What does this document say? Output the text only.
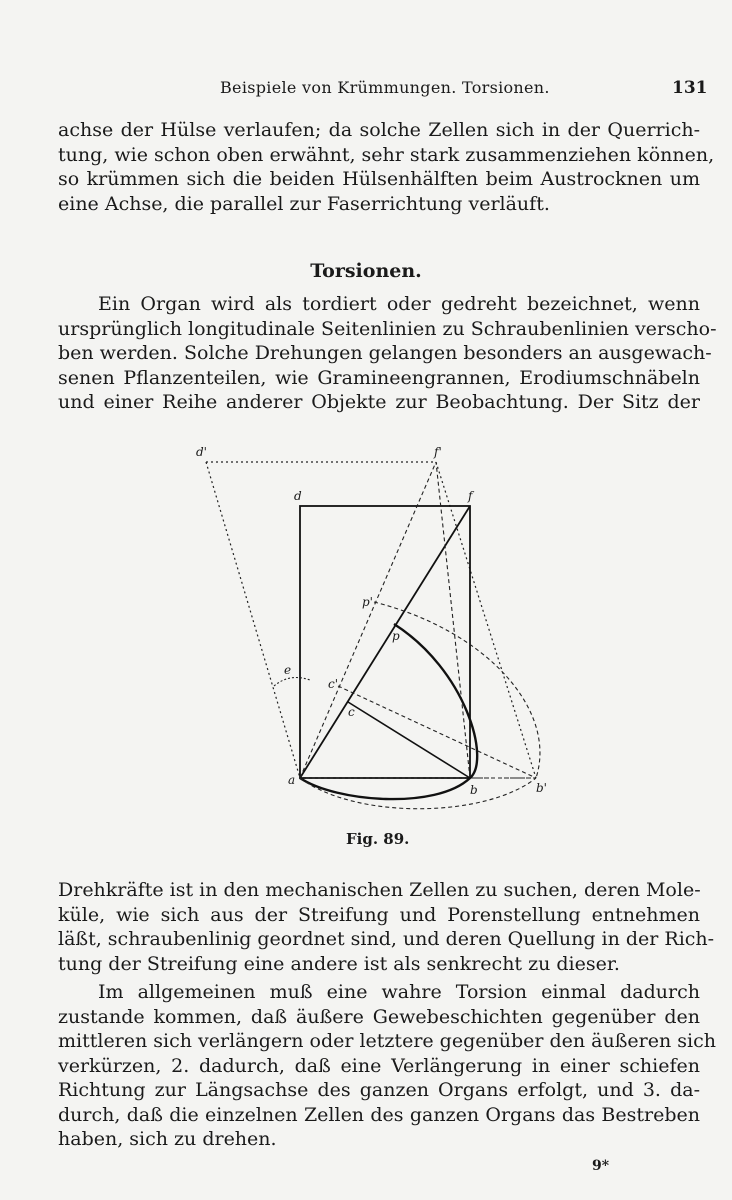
Beispiele von Krümmungen. Torsionen.	131
achse der Hülse verlaufen; da solche Zellen sich in der Querrich-
tung, wie schon oben erwähnt, sehr stark zusammenziehen können,
so krümmen sich die beiden Hülsenhälften beim Austrocknen um
eine Achse, die parallel zur Faserrichtung verläuft.
Torsionen.
Ein Organ wird als tordiert oder gedreht bezeichnet, wenn
ursprünglich longitudinale Seitenlinien zu Schraubenlinien verscho-
ben werden. Solche Drehungen gelangen besonders an ausgewach-
senen Pflanzenteilen, wie Gramineengrannen, Erodiumschnäbeln
und einer Reihe anderer Objekte zur Beobachtung. Der Sitz der
d'	f'
d	f
p'
p
e
c'
c
a
b	b'
Fig. 89.
Drehkräfte ist in den mechanischen Zellen zu suchen, deren Mole-
küle, wie sich aus der Streifung und Porenstellung entnehmen
läßt, schraubenlinig geordnet sind, und deren Quellung in der Rich-
tung der Streifung eine andere ist als senkrecht zu dieser.
Im allgemeinen muß eine wahre Torsion einmal dadurch
zustande kommen, daß äußere Gewebeschichten gegenüber den
mittleren sich verlängern oder letztere gegenüber den äußeren sich
verkürzen, 2. dadurch, daß eine Verlängerung in einer schiefen
Richtung zur Längsachse des ganzen Organs erfolgt, und 3. da-
durch, daß die einzelnen Zellen des ganzen Organs das Bestreben
haben, sich zu drehen.
9*
